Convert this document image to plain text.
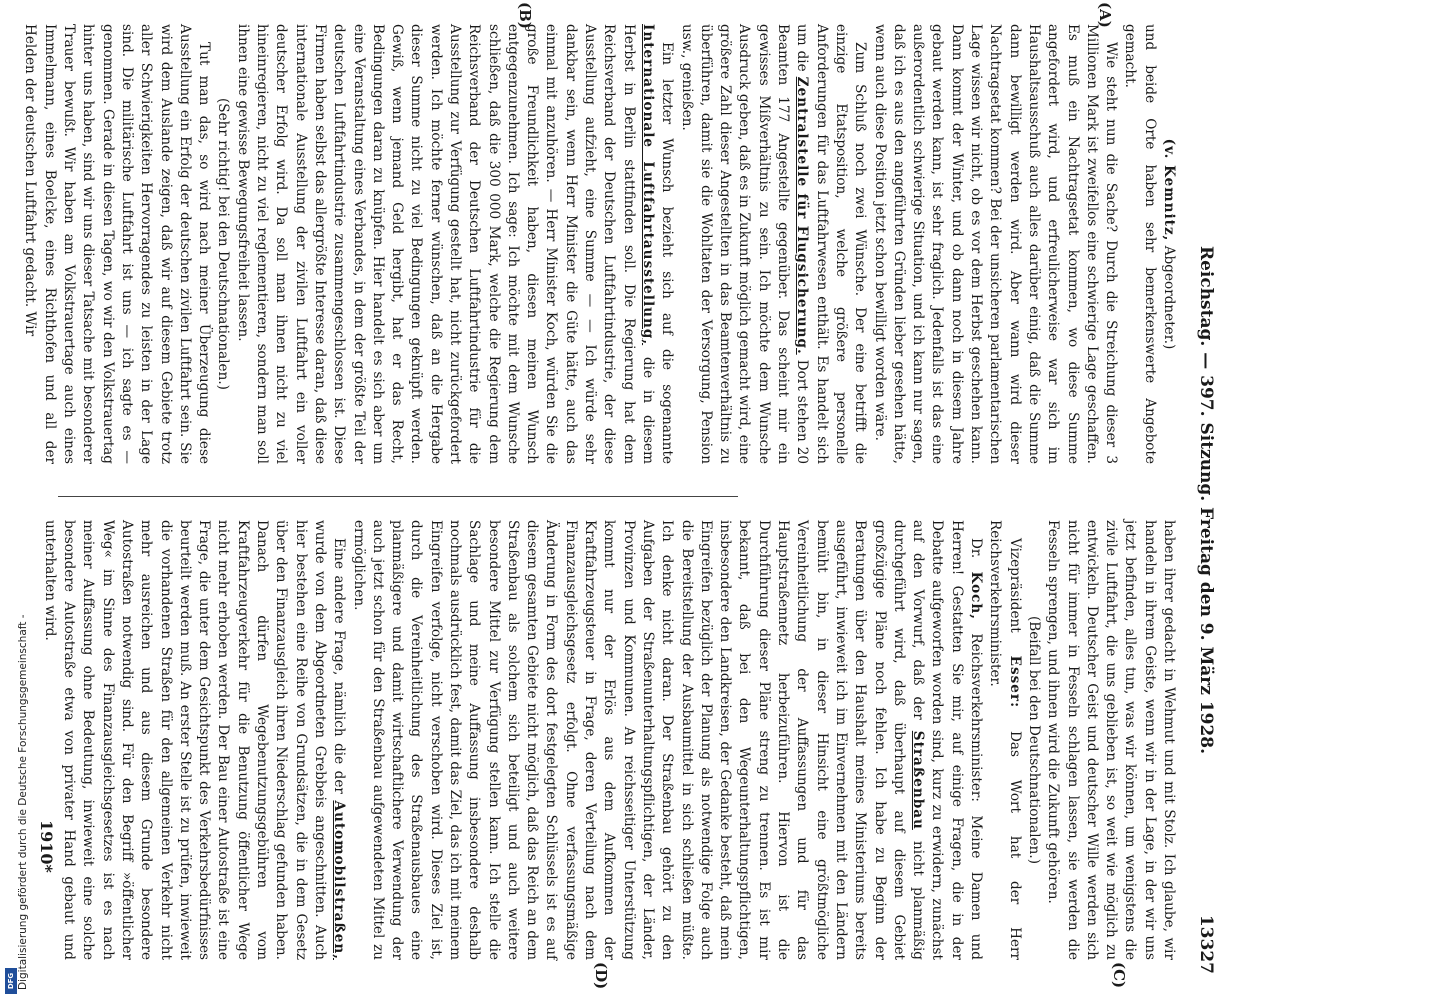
Reichstag. — 397. Sitzung. Freitag den 9. März 1928.
13327
(A)
(B)
(C)
(D)

(v. Kemnitz, Abgeordneter.)

und beide Orte haben sehr bemerkenswerte Angebote gemacht.

Wie steht nun die Sache? Durch die Streichung dieser 3 Millionen Mark ist zweifellos eine schwierige Lage geschaffen. Es muß ein Nachtragsetat kommen, wo diese Summe angefordert wird, und erfreulicherweise war sich im Haushaltsausschuß auch alles darüber einig, daß die Summe dann bewilligt werden wird. Aber wann wird dieser Nachtragsetat kommen? Bei der unsicheren parlamentarischen Lage wissen wir nicht, ob es vor dem Herbst geschehen kann. Dann kommt der Winter, und ob dann noch in diesem Jahre gebaut werden kann, ist sehr fraglich. Jedenfalls ist das eine außerordentlich schwierige Situation, und ich kann nur sagen, daß ich es aus den angeführten Gründen lieber gesehen hätte, wenn auch diese Position jetzt schon bewilligt worden wäre.

Zum Schluß noch zwei Wünsche. Der eine betrifft die einzige Etatsposition, welche größere personelle Anforderungen für das Luftfahrwesen enthält. Es handelt sich um die Zentralstelle für Flugsicherung. Dort stehen 20 Beamten 177 Angestellte gegenüber. Das scheint mir ein gewisses Mißverhältnis zu sein. Ich möchte dem Wunsche Ausdruck geben, daß es in Zukunft möglich gemacht wird, eine größere Zahl dieser Angestellten in das Beamtenverhältnis zu überführen, damit sie die Wohltaten der Versorgung, Pension usw., genießen.

Ein letzter Wunsch bezieht sich auf die sogenannte Internationale Luftfahrtausstellung, die in diesem Herbst in Berlin stattfinden soll. Die Regierung hat dem Reichsverband der Deutschen Luftfahrtindustrie, der diese Ausstellung aufzieht, eine Summe — — Ich würde sehr dankbar sein, wenn Herr Minister die Güte hätte, auch das einmal mit anzuhören. — Herr Minister Koch, würden Sie die große Freundlichkeit haben, diesen meinen Wunsch entgegenzunehmen. Ich sage: Ich möchte mit dem Wunsche schließen, daß die 300 000 Mark, welche die Regierung dem Reichsverband der Deutschen Luftfahrtindustrie für die Ausstellung zur Verfügung gestellt hat, nicht zurückgefordert werden. Ich möchte ferner wünschen, daß an die Hergabe dieser Summe nicht zu viel Bedingungen geknüpft werden. Gewiß, wenn jemand Geld hergibt, hat er das Recht, Bedingungen daran zu knüpfen. Hier handelt es sich aber um eine Veranstaltung eines Verbandes, in dem der größte Teil der deutschen Luftfahrtindustrie zusammengeschlossen ist. Diese Firmen haben selbst das allergrößte Interesse daran, daß diese internationale Ausstellung der zivilen Luftfahrt ein voller deutscher Erfolg wird. Da soll man ihnen nicht zu viel hineinregieren, nicht zu viel reglementieren, sondern man soll ihnen eine gewisse Bewegungsfreiheit lassen.

(Sehr richtig! bei den Deutschnationalen.)

Tut man das, so wird nach meiner Überzeugung diese Ausstellung ein Erfolg der deutschen zivilen Luftfahrt sein. Sie wird dem Auslande zeigen, daß wir auf diesem Gebiete trotz aller Schwierigkeiten Hervorragendes zu leisten in der Lage sind. Die militärische Luftfahrt ist uns — ich sagte es — genommen. Gerade in diesen Tagen, wo wir den Volkstrauertag hinter uns haben, sind wir uns dieser Tatsache mit besonderer Trauer bewußt. Wir haben am Volkstrauertage auch eines Immelmann, eines Boelcke, eines Richthofen und all der Helden der deutschen Luftfahrt gedacht. Wir

haben ihrer gedacht in Wehmut und mit Stolz. Ich glaube, wir handeln in ihrem Geiste, wenn wir in der Lage, in der wir uns jetzt befinden, alles tun, was wir können, um wenigstens die zivile Luftfahrt, die uns geblieben ist, so weit wie möglich zu entwickeln. Deutscher Geist und deutscher Wille werden sich nicht für immer in Fesseln schlagen lassen, sie werden die Fesseln sprengen, und ihnen wird die Zukunft gehören.

(Beifall bei den Deutschnationalen.)

Vizepräsident Esser: Das Wort hat der Herr Reichsverkehrsminister.

Dr. Koch, Reichsverkehrsminister: Meine Damen und Herren! Gestatten Sie mir, auf einige Fragen, die in der Debatte aufgeworfen worden sind, kurz zu erwidern, zunächst auf den Vorwurf, daß der Straßenbau nicht planmäßig durchgeführt wird, daß überhaupt auf diesem Gebiet großzügige Pläne noch fehlen. Ich habe zu Beginn der Beratungen über den Haushalt meines Ministeriums bereits ausgeführt, inwieweit ich im Einvernehmen mit den Ländern bemüht bin, in dieser Hinsicht eine größtmögliche Vereinheitlichung der Auffassungen und für das Hauptstraßennetz herbeizuführen. Hiervon ist die Durchführung dieser Pläne streng zu trennen. Es ist mir bekannt, daß bei den Wegeunterhaltungspflichtigen, insbesondere den Landkreisen, der Gedanke besteht, daß mein Eingreifen bezüglich der Planung als notwendige Folge auch die Bereitstellung der Ausbaumittel in sich schließen müßte. Ich denke nicht daran. Der Straßenbau gehört zu den Aufgaben der Straßenunterhaltungspflichtigen, der Länder, Provinzen und Kommunen. An reichsseitiger Unterstützung kommt nur der Erlös aus dem Aufkommen der Kraftfahrzeugsteuer in Frage, deren Verteilung nach dem Finanzausgleichsgesetz erfolgt. Ohne verfassungsmäßige Änderung in Form des dort festgelegten Schlüssels ist es auf diesem gesamten Gebiete nicht möglich, daß das Reich an dem Straßenbau als solchem sich beteiligt und auch weitere besondere Mittel zur Verfügung stellen kann. Ich stelle die Sachlage und meine Auffassung insbesondere deshalb nochmals ausdrücklich fest, damit das Ziel, das ich mit meinem Eingreifen verfolge, nicht verschoben wird. Dieses Ziel ist, durch die Vereinheitlichung des Straßenausbaues eine planmäßigere und damit wirtschaftlichere Verwendung der auch jetzt schon für den Straßenbau aufgewendeten Mittel zu ermöglichen.

Eine andere Frage, nämlich die der Automobilstraßen, wurde von dem Abgeordneten Grebbeis angeschnitten. Auch hier bestehen eine Reihe von Grundsätzen, die in dem Gesetz über den Finanzausgleich ihren Niederschlag gefunden haben. Danach dürfen Wegebenutzungsgebühren vom Kraftfahrzeugverkehr für die Benutzung öffentlicher Wege nicht mehr erhoben werden. Der Bau einer Autostraße ist eine Frage, die unter dem Gesichtspunkt des Verkehrsbedürfnisses beurteilt werden muß. An erster Stelle ist zu prüfen, inwieweit die vorhandenen Straßen für den allgemeinen Verkehr nicht mehr ausreichen und aus diesem Grunde besondere Autostraßen notwendig sind. Für den Begriff »öffentlicher Weg« im Sinne des Finanzausgleichsgesetzes ist es nach meiner Auffassung ohne Bedeutung, inwieweit eine solche besondere Autostraße etwa von privater Hand gebaut und unterhalten wird.

1910*
Digitalisierung gefördert durch die Deutsche Forschungsgemeinschaft -
DFG
